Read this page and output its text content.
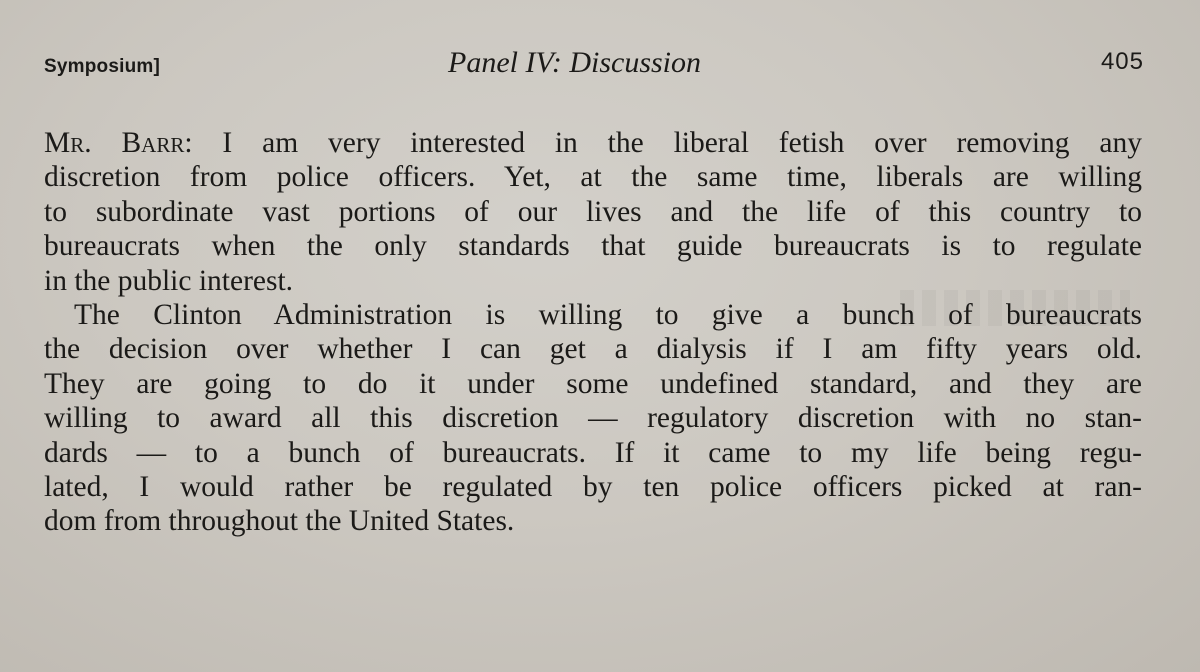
Symposium]	Panel IV: Discussion	405
Mr. Barr: I am very interested in the liberal fetish over removing any
discretion from police officers. Yet, at the same time, liberals are willing
to subordinate vast portions of our lives and the life of this country to
bureaucrats when the only standards that guide bureaucrats is to regulate
in the public interest.
The Clinton Administration is willing to give a bunch of bureaucrats
the decision over whether I can get a dialysis if I am fifty years old.
They are going to do it under some undefined standard, and they are
willing to award all this discretion — regulatory discretion with no stan-
dards — to a bunch of bureaucrats. If it came to my life being regu-
lated, I would rather be regulated by ten police officers picked at ran-
dom from throughout the United States.
